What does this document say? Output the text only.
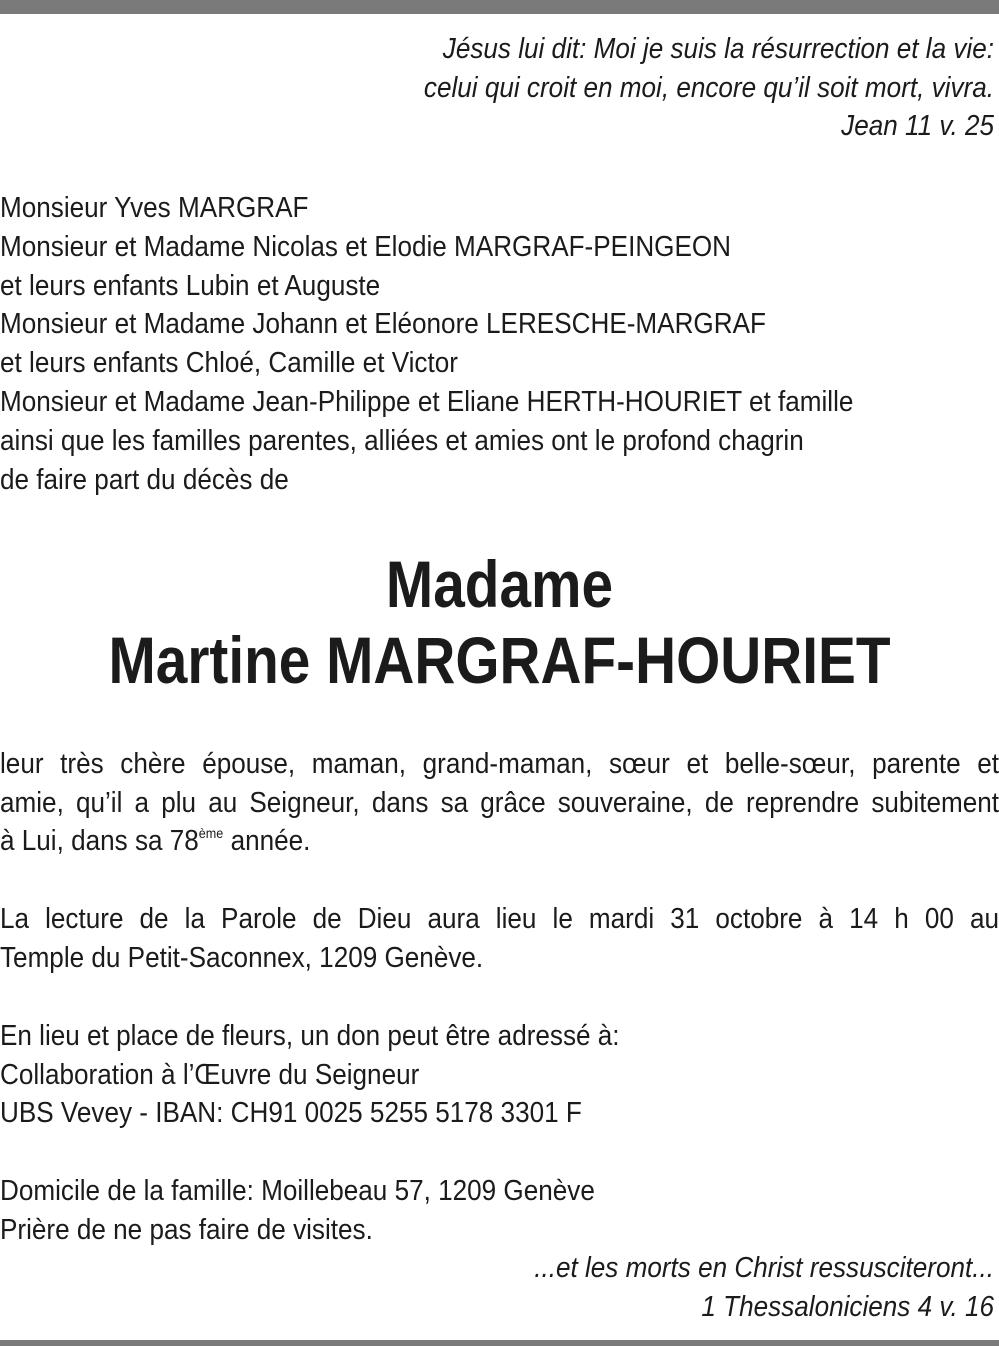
Jésus lui dit: Moi je suis la résurrection et la vie:

celui qui croit en moi, encore qu’il soit mort, vivra.

Jean 11 v. 25

Monsieur Yves MARGRAF

Monsieur et Madame Nicolas et Elodie MARGRAF-PEINGEON

et leurs enfants Lubin et Auguste

Monsieur et Madame Johann et Eléonore LERESCHE-MARGRAF

et leurs enfants Chloé, Camille et Victor

Monsieur et Madame Jean-Philippe et Eliane HERTH-HOURIET et famille

ainsi que les familles parentes, alliées et amies ont le profond chagrin

de faire part du décès de

Madame

Martine MARGRAF-HOURIET

leur très chère épouse, maman, grand-maman, sœur et belle-sœur, parente et

amie, qu’il a plu au Seigneur, dans sa grâce souveraine, de reprendre subitement

à Lui, dans sa 78ème année.

La lecture de la Parole de Dieu aura lieu le mardi 31 octobre à 14 h 00 au

Temple du Petit-Saconnex, 1209 Genève.

En lieu et place de fleurs, un don peut être adressé à:

Collaboration à l’Œuvre du Seigneur

UBS Vevey - IBAN: CH91 0025 5255 5178 3301 F

Domicile de la famille: Moillebeau 57, 1209 Genève

Prière de ne pas faire de visites.

...et les morts en Christ ressusciteront...

1 Thessaloniciens 4 v. 16
